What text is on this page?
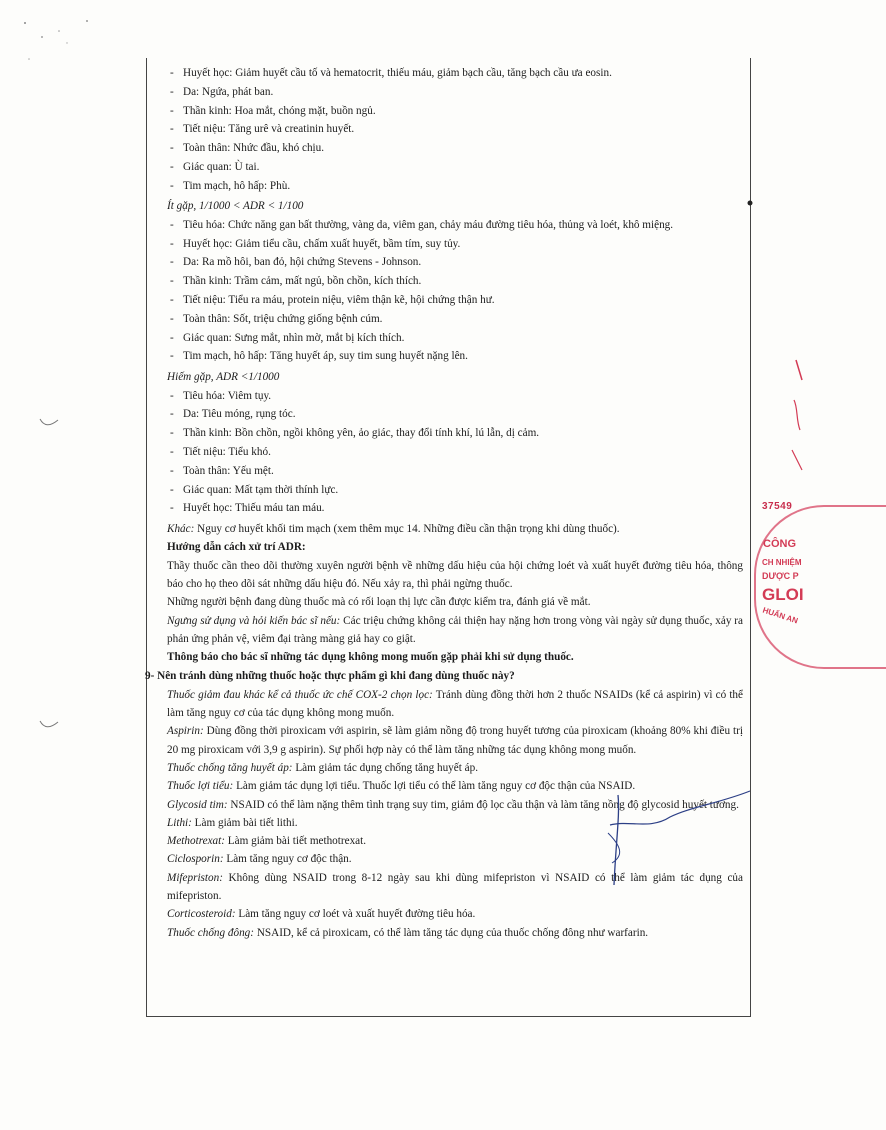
- Huyết học: Giảm huyết cầu tố và hematocrit, thiếu máu, giảm bạch cầu, tăng bạch cầu ưa eosin.

- Da: Ngứa, phát ban.

- Thần kinh: Hoa mắt, chóng mặt, buồn ngủ.

- Tiết niệu: Tăng urê và creatinin huyết.

- Toàn thân: Nhức đầu, khó chịu.

- Giác quan: Ù tai.

- Tim mạch, hô hấp: Phù.

Ít gặp, 1/1000 < ADR < 1/100

- Tiêu hóa: Chức năng gan bất thường, vàng da, viêm gan, chảy máu đường tiêu hóa, thủng và loét, khô miệng.

- Huyết học: Giảm tiểu cầu, chấm xuất huyết, bầm tím, suy tủy.

- Da: Ra mồ hôi, ban đỏ, hội chứng Stevens - Johnson.

- Thần kinh: Trầm cảm, mất ngủ, bồn chồn, kích thích.

- Tiết niệu: Tiểu ra máu, protein niệu, viêm thận kẽ, hội chứng thận hư.

- Toàn thân: Sốt, triệu chứng giống bệnh cúm.

- Giác quan: Sưng mắt, nhìn mờ, mắt bị kích thích.

- Tim mạch, hô hấp: Tăng huyết áp, suy tim sung huyết nặng lên.

Hiếm gặp, ADR <1/1000

- Tiêu hóa: Viêm tụy.

- Da: Tiêu móng, rụng tóc.

- Thần kinh: Bồn chồn, ngồi không yên, ảo giác, thay đổi tính khí, lú lẫn, dị cảm.

- Tiết niệu: Tiểu khó.

- Toàn thân: Yếu mệt.

- Giác quan: Mất tạm thời thính lực.

- Huyết học: Thiếu máu tan máu.

Khác: Nguy cơ huyết khối tim mạch (xem thêm mục 14. Những điều cần thận trọng khi dùng thuốc).

Hướng dẫn cách xử trí ADR:

Thầy thuốc cần theo dõi thường xuyên người bệnh về những dấu hiệu của hội chứng loét và xuất huyết đường tiêu hóa, thông báo cho họ theo dõi sát những dấu hiệu đó. Nếu xảy ra, thì phải ngừng thuốc.

Những người bệnh đang dùng thuốc mà có rối loạn thị lực cần được kiểm tra, đánh giá về mắt.

Ngưng sử dụng và hỏi kiến bác sĩ nếu: Các triệu chứng không cải thiện hay nặng hơn trong vòng vài ngày sử dụng thuốc, xảy ra phản ứng phản vệ, viêm đại tràng màng giả hay co giật.

Thông báo cho bác sĩ những tác dụng không mong muốn gặp phải khi sử dụng thuốc.

9- Nên tránh dùng những thuốc hoặc thực phẩm gì khi đang dùng thuốc này?

Thuốc giảm đau khác kể cả thuốc ức chế COX-2 chọn lọc: Tránh dùng đồng thời hơn 2 thuốc NSAIDs (kể cả aspirin) vì có thể làm tăng nguy cơ của tác dụng không mong muốn.

Aspirin: Dùng đồng thời piroxicam với aspirin, sẽ làm giảm nồng độ trong huyết tương của piroxicam (khoảng 80% khi điều trị 20 mg piroxicam với 3,9 g aspirin). Sự phối hợp này có thể làm tăng những tác dụng không mong muốn.

Thuốc chống tăng huyết áp: Làm giảm tác dụng chống tăng huyết áp.

Thuốc lợi tiểu: Làm giảm tác dụng lợi tiểu. Thuốc lợi tiểu có thể làm tăng nguy cơ độc thận của NSAID.

Glycosid tim: NSAID có thể làm nặng thêm tình trạng suy tim, giảm độ lọc cầu thận và làm tăng nồng độ glycosid huyết tương.

Lithi: Làm giảm bài tiết lithi.

Methotrexat: Làm giảm bài tiết methotrexat.

Ciclosporin: Làm tăng nguy cơ độc thận.

Mifepriston: Không dùng NSAID trong 8-12 ngày sau khi dùng mifepriston vì NSAID có thể làm giảm tác dụng của mifepriston.

Corticosteroid: Làm tăng nguy cơ loét và xuất huyết đường tiêu hóa.

Thuốc chống đông: NSAID, kể cả piroxicam, có thể làm tăng tác dụng của thuốc chống đông như warfarin.

37549
CÔNG
CH NHIỆM
DƯỢC P
GLOI
HUẤN AN
